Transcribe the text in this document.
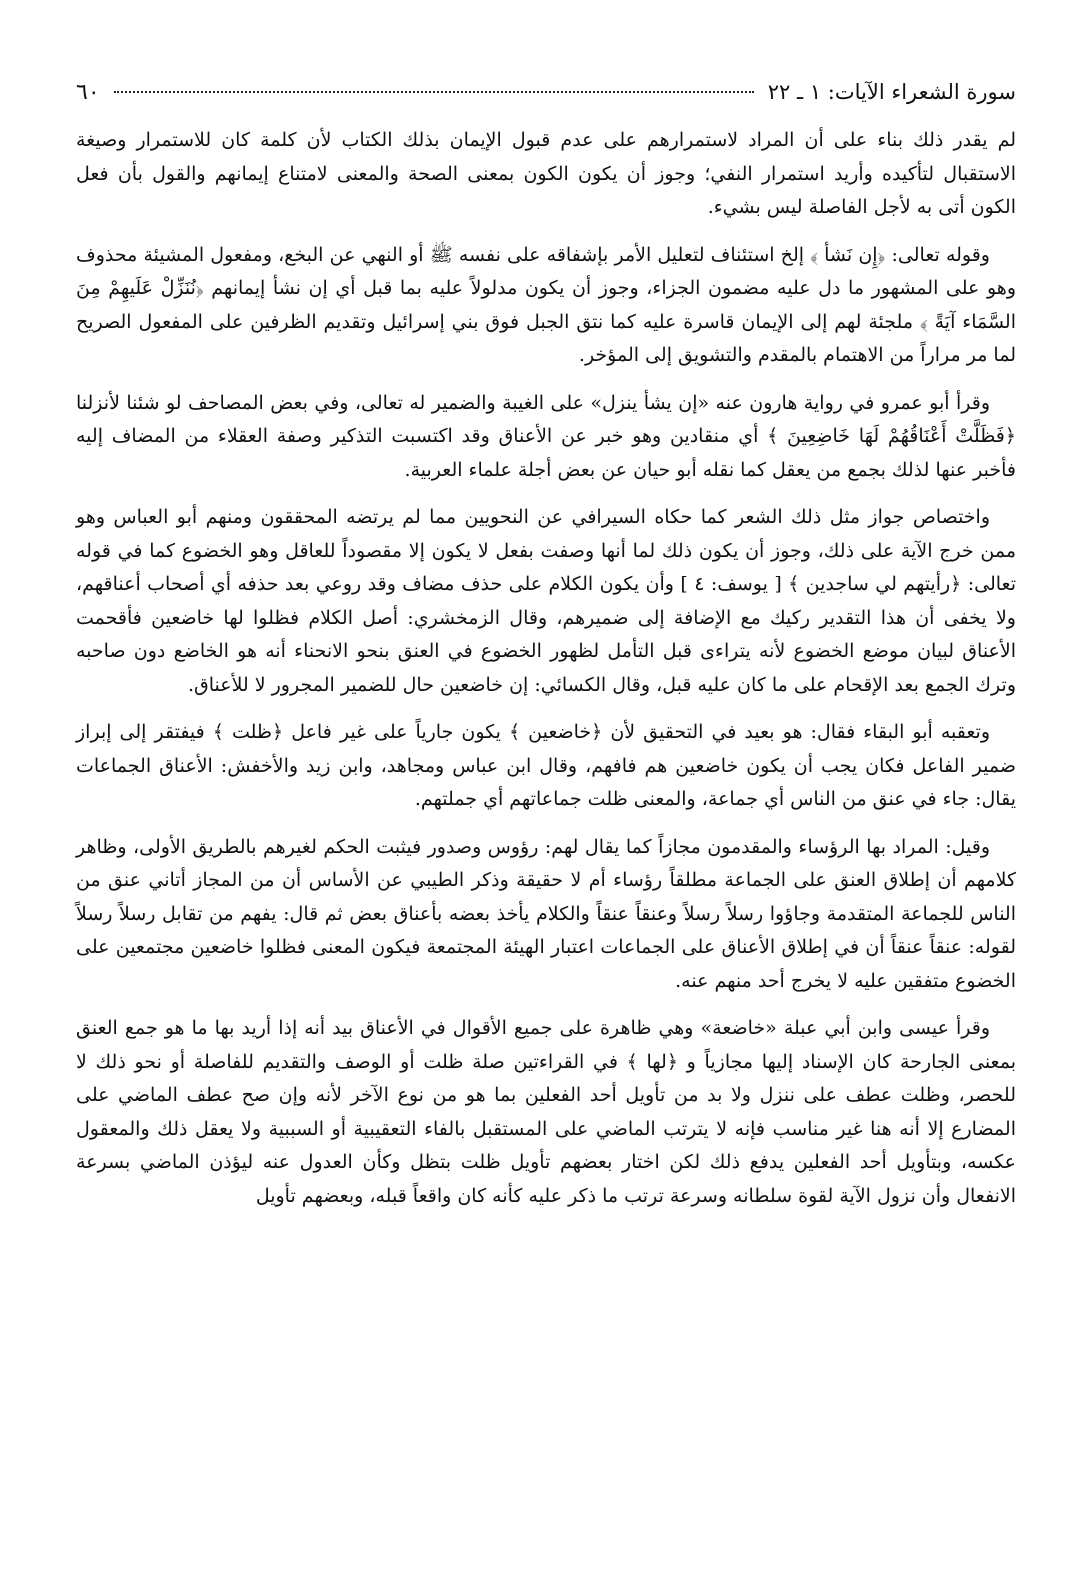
سورة الشعراء الآيات: ١ ـ ٢٢
٦٠

لم يقدر ذلك بناء على أن المراد لاستمرارهم على عدم قبول الإيمان بذلك الكتاب لأن كلمة كان للاستمرار وصيغة الاستقبال لتأكيده وأريد استمرار النفي؛ وجوز أن يكون الكون بمعنى الصحة والمعنى لامتناع إيمانهم والقول بأن فعل الكون أتى به لأجل الفاصلة ليس بشيء.

وقوله تعالى: ﴿إِن نَشأ ﴾ إلخ استئناف لتعليل الأمر بإشفاقه على نفسه ﷺ أو النهي عن البخع، ومفعول المشيئة محذوف وهو على المشهور ما دل عليه مضمون الجزاء، وجوز أن يكون مدلولاً عليه بما قبل أي إن نشأ إيمانهم ﴿نُنَزِّلْ عَلَيهِمْ مِنَ السَّمَاء آيَةً ﴾ ملجئة لهم إلى الإيمان قاسرة عليه كما نتق الجبل فوق بني إسرائيل وتقديم الظرفين على المفعول الصريح لما مر مراراً من الاهتمام بالمقدم والتشويق إلى المؤخر.

وقرأ أبو عمرو في رواية هارون عنه «إن يشأ ينزل» على الغيبة والضمير له تعالى، وفي بعض المصاحف لو شئنا لأنزلنا ﴿فَظَلَّتْ أَعْنَاقُهُمْ لَهَا خَاضِعِينَ ﴾ أي منقادين وهو خبر عن الأعناق وقد اكتسبت التذكير وصفة العقلاء من المضاف إليه فأخبر عنها لذلك بجمع من يعقل كما نقله أبو حيان عن بعض أجلة علماء العربية.

واختصاص جواز مثل ذلك الشعر كما حكاه السيرافي عن النحويين مما لم يرتضه المحققون ومنهم أبو العباس وهو ممن خرج الآية على ذلك، وجوز أن يكون ذلك لما أنها وصفت بفعل لا يكون إلا مقصوداً للعاقل وهو الخضوع كما في قوله تعالى: ﴿رأيتهم لي ساجدين ﴾ [ يوسف: ٤ ] وأن يكون الكلام على حذف مضاف وقد روعي بعد حذفه أي أصحاب أعناقهم، ولا يخفى أن هذا التقدير ركيك مع الإضافة إلى ضميرهم، وقال الزمخشري: أصل الكلام فظلوا لها خاضعين فأقحمت الأعناق لبيان موضع الخضوع لأنه يتراءى قبل التأمل لظهور الخضوع في العنق بنحو الانحناء أنه هو الخاضع دون صاحبه وترك الجمع بعد الإقحام على ما كان عليه قبل، وقال الكسائي: إن خاضعين حال للضمير المجرور لا للأعناق.

وتعقبه أبو البقاء فقال: هو بعيد في التحقيق لأن ﴿خاضعين ﴾ يكون جارياً على غير فاعل ﴿ظلت ﴾ فيفتقر إلى إبراز ضمير الفاعل فكان يجب أن يكون خاضعين هم فافهم، وقال ابن عباس ومجاهد، وابن زيد والأخفش: الأعناق الجماعات يقال: جاء في عنق من الناس أي جماعة، والمعنى ظلت جماعاتهم أي جملتهم.

وقيل: المراد بها الرؤساء والمقدمون مجازاً كما يقال لهم: رؤوس وصدور فيثبت الحكم لغيرهم بالطريق الأولى، وظاهر كلامهم أن إطلاق العنق على الجماعة مطلقاً رؤساء أم لا حقيقة وذكر الطيبي عن الأساس أن من المجاز أتاني عنق من الناس للجماعة المتقدمة وجاؤوا رسلاً رسلاً وعنقاً عنقاً والكلام يأخذ بعضه بأعناق بعض ثم قال: يفهم من تقابل رسلاً رسلاً لقوله: عنقاً عنقاً أن في إطلاق الأعناق على الجماعات اعتبار الهيئة المجتمعة فيكون المعنى فظلوا خاضعين مجتمعين على الخضوع متفقين عليه لا يخرج أحد منهم عنه.

وقرأ عيسى وابن أبي عبلة «خاضعة» وهي ظاهرة على جميع الأقوال في الأعناق بيد أنه إذا أريد بها ما هو جمع العنق بمعنى الجارحة كان الإسناد إليها مجازياً و ﴿لها ﴾ في القراءتين صلة ظلت أو الوصف والتقديم للفاصلة أو نحو ذلك لا للحصر، وظلت عطف على ننزل ولا بد من تأويل أحد الفعلين بما هو من نوع الآخر لأنه وإن صح عطف الماضي على المضارع إلا أنه هنا غير مناسب فإنه لا يترتب الماضي على المستقبل بالفاء التعقيبية أو السببية ولا يعقل ذلك والمعقول عكسه، وبتأويل أحد الفعلين يدفع ذلك لكن اختار بعضهم تأويل ظلت بتظل وكأن العدول عنه ليؤذن الماضي بسرعة الانفعال وأن نزول الآية لقوة سلطانه وسرعة ترتب ما ذكر عليه كأنه كان واقعاً قبله، وبعضهم تأويل
